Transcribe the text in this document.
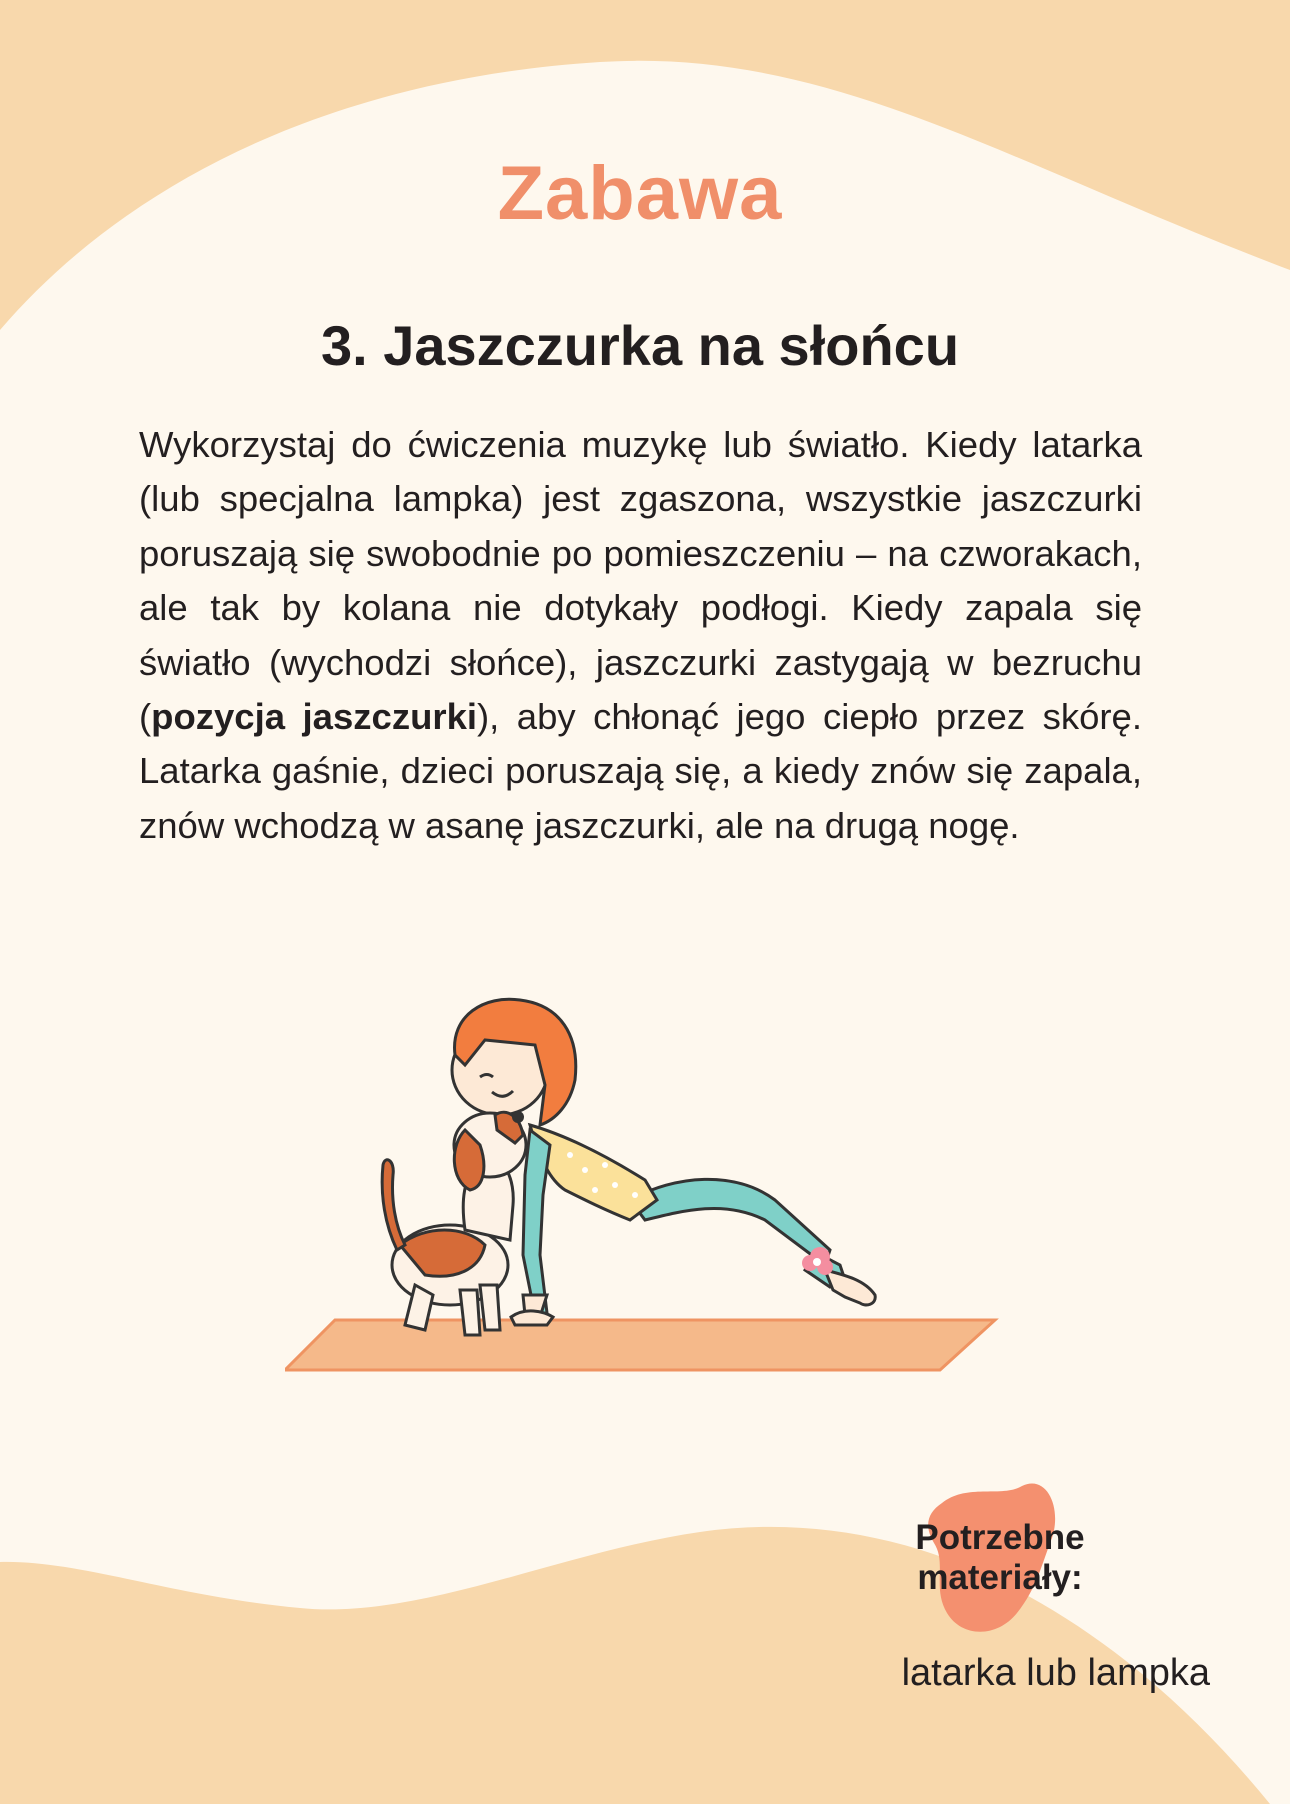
Zabawa
3. Jaszczurka na słońcu
Wykorzystaj do ćwiczenia muzykę lub światło. Kiedy latarka (lub specjalna lampka) jest zgaszona, wszystkie jaszczurki poruszają się swobodnie po pomieszczeniu – na czworakach, ale tak by kolana nie dotykały podłogi. Kiedy zapala się światło (wychodzi słońce), jaszczurki zastygają w bezruchu (pozycja jaszczurki), aby chłonąć jego ciepło przez skórę. Latarka gaśnie, dzieci poruszają się, a kiedy znów się zapala, znów wchodzą w asanę jaszczurki, ale na drugą nogę.
Potrzebne
materiały:
latarka lub lampka
